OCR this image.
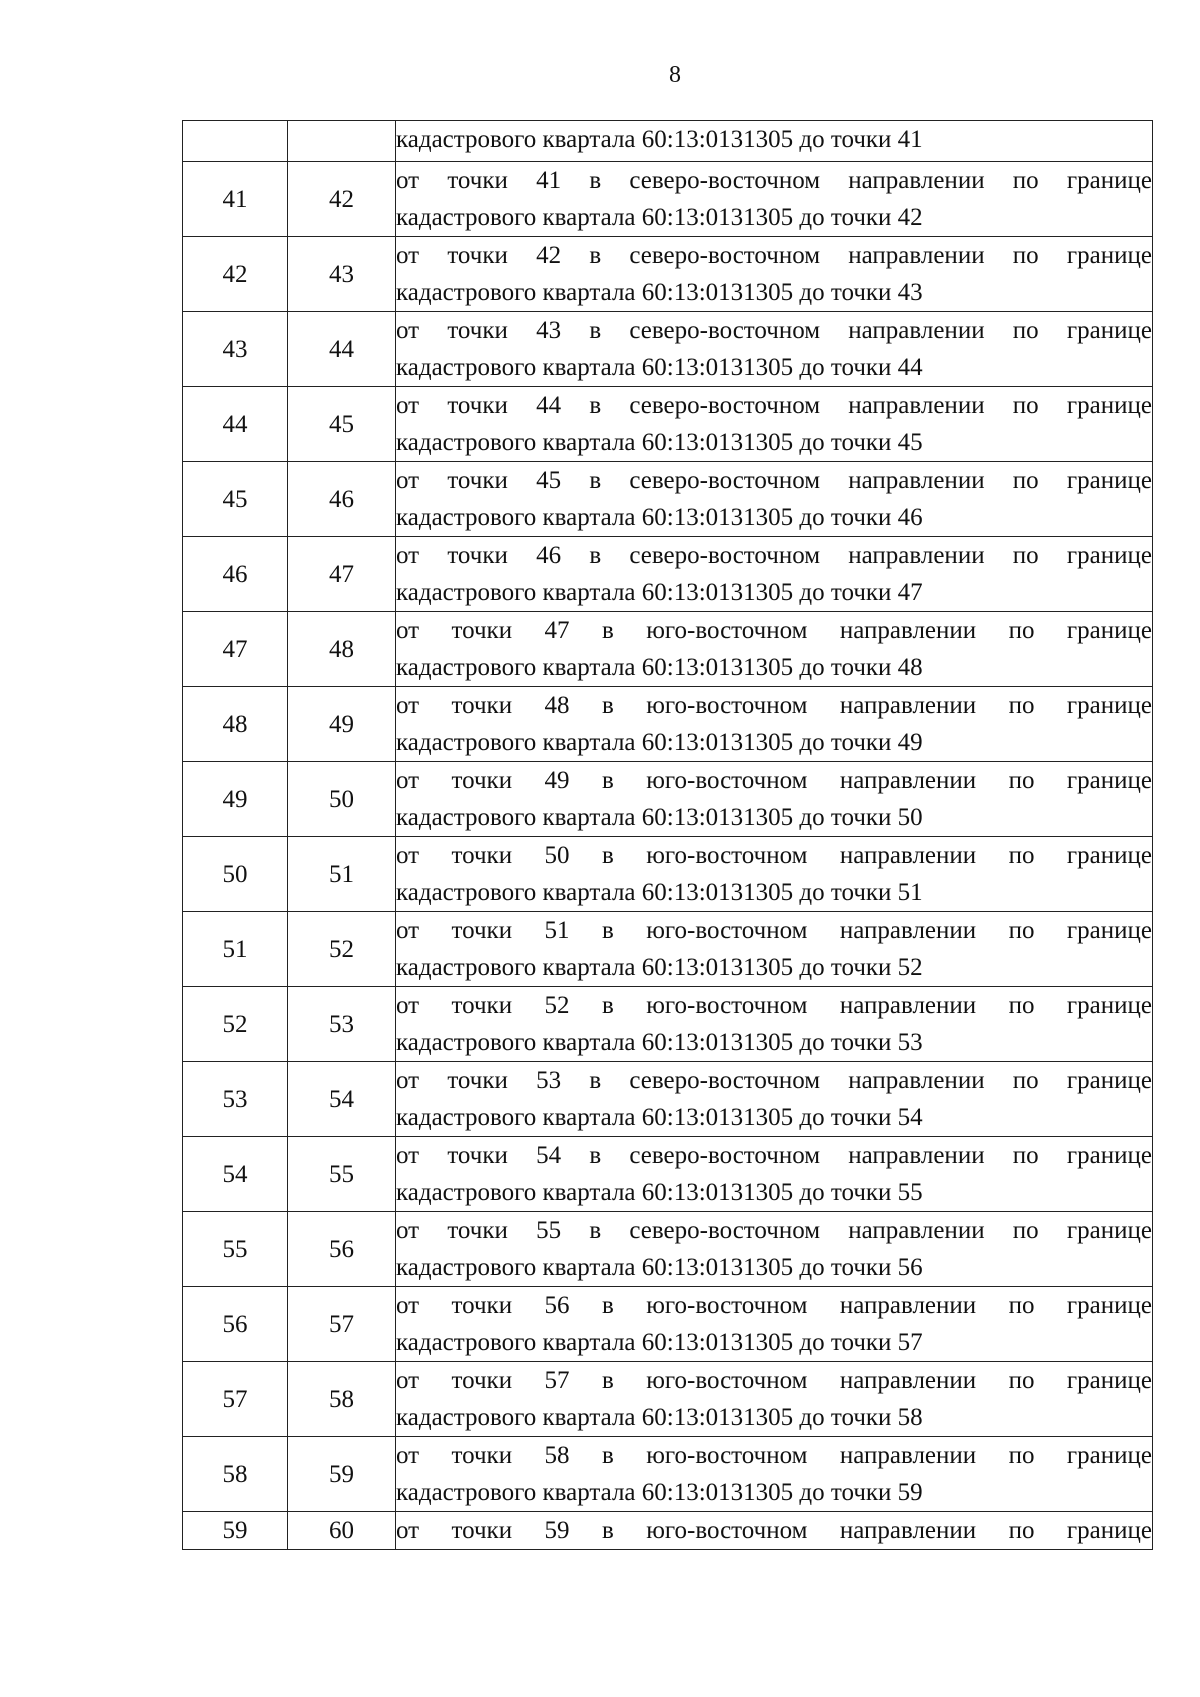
8

		кадастрового квартала 60:13:0131305 до точки 41

41	42	от точки 41 в северо-восточном направлении по границе
кадастрового квартала 60:13:0131305 до точки 42

42	43	от точки 42 в северо-восточном направлении по границе
кадастрового квартала 60:13:0131305 до точки 43

43	44	от точки 43 в северо-восточном направлении по границе
кадастрового квартала 60:13:0131305 до точки 44

44	45	от точки 44 в северо-восточном направлении по границе
кадастрового квартала 60:13:0131305 до точки 45

45	46	от точки 45 в северо-восточном направлении по границе
кадастрового квартала 60:13:0131305 до точки 46

46	47	от точки 46 в северо-восточном направлении по границе
кадастрового квартала 60:13:0131305 до точки 47

47	48	от точки 47 в юго-восточном направлении по границе
кадастрового квартала 60:13:0131305 до точки 48

48	49	от точки 48 в юго-восточном направлении по границе
кадастрового квартала 60:13:0131305 до точки 49

49	50	от точки 49 в юго-восточном направлении по границе
кадастрового квартала 60:13:0131305 до точки 50

50	51	от точки 50 в юго-восточном направлении по границе
кадастрового квартала 60:13:0131305 до точки 51

51	52	от точки 51 в юго-восточном направлении по границе
кадастрового квартала 60:13:0131305 до точки 52

52	53	от точки 52 в юго-восточном направлении по границе
кадастрового квартала 60:13:0131305 до точки 53

53	54	от точки 53 в северо-восточном направлении по границе
кадастрового квартала 60:13:0131305 до точки 54

54	55	от точки 54 в северо-восточном направлении по границе
кадастрового квартала 60:13:0131305 до точки 55

55	56	от точки 55 в северо-восточном направлении по границе
кадастрового квартала 60:13:0131305 до точки 56

56	57	от точки 56 в юго-восточном направлении по границе
кадастрового квартала 60:13:0131305 до точки 57

57	58	от точки 57 в юго-восточном направлении по границе
кадастрового квартала 60:13:0131305 до точки 58

58	59	от точки 58 в юго-восточном направлении по границе
кадастрового квартала 60:13:0131305 до точки 59

59	60	от точки 59 в юго-восточном направлении по границе
